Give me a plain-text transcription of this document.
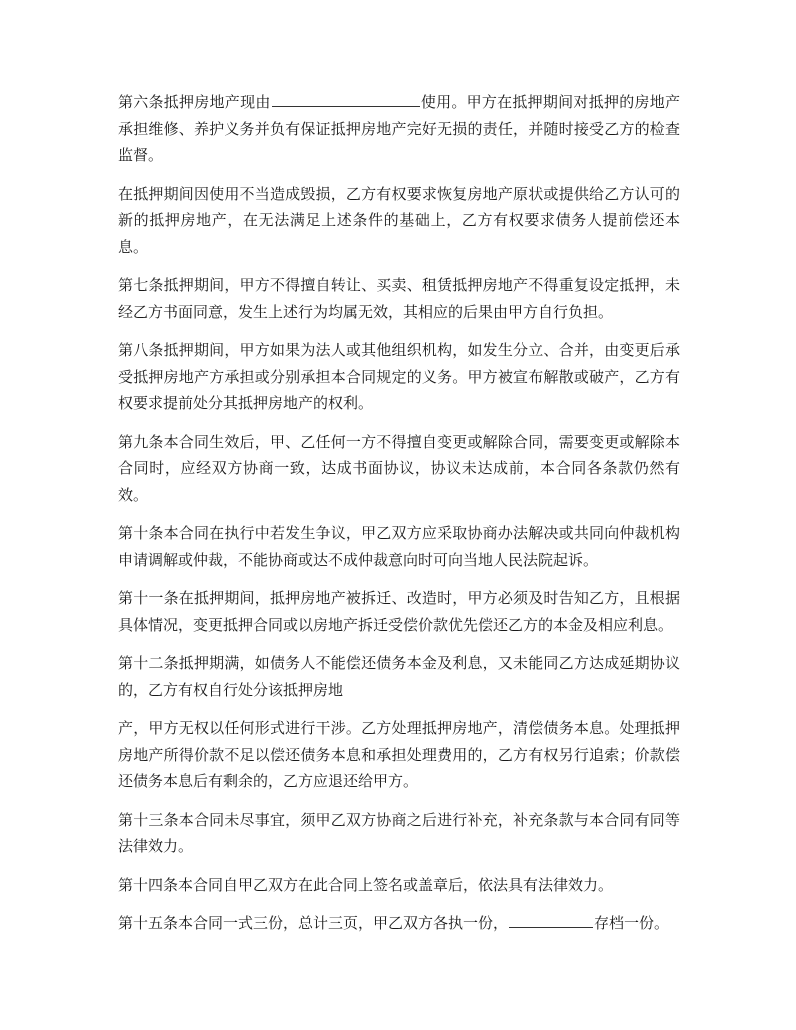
第六条抵押房地产现由	使用。甲方在抵押期间对抵押的房地产承担维修、养护义务并负有保证抵押房地产完好无损的责任，并随时接受乙方的检查监督。

在抵押期间因使用不当造成毁损，乙方有权要求恢复房地产原状或提供给乙方认可的新的抵押房地产，在无法满足上述条件的基础上，乙方有权要求债务人提前偿还本息。

第七条抵押期间，甲方不得擅自转让、买卖、租赁抵押房地产不得重复设定抵押，未经乙方书面同意，发生上述行为均属无效，其相应的后果由甲方自行负担。

第八条抵押期间，甲方如果为法人或其他组织机构，如发生分立、合并，由变更后承受抵押房地产方承担或分别承担本合同规定的义务。甲方被宣布解散或破产，乙方有权要求提前处分其抵押房地产的权利。

第九条本合同生效后，甲、乙任何一方不得擅自变更或解除合同，需要变更或解除本合同时，应经双方协商一致，达成书面协议，协议未达成前，本合同各条款仍然有效。

第十条本合同在执行中若发生争议，甲乙双方应采取协商办法解决或共同向仲裁机构申请调解或仲裁，不能协商或达不成仲裁意向时可向当地人民法院起诉。

第十一条在抵押期间，抵押房地产被拆迁、改造时，甲方必须及时告知乙方，且根据具体情况，变更抵押合同或以房地产拆迁受偿价款优先偿还乙方的本金及相应利息。

第十二条抵押期满，如债务人不能偿还债务本金及利息，又未能同乙方达成延期协议的，乙方有权自行处分该抵押房地

产，甲方无权以任何形式进行干涉。乙方处理抵押房地产，清偿债务本息。处理抵押房地产所得价款不足以偿还债务本息和承担处理费用的，乙方有权另行追索；价款偿还债务本息后有剩余的，乙方应退还给甲方。

第十三条本合同未尽事宜，须甲乙双方协商之后进行补充，补充条款与本合同有同等法律效力。

第十四条本合同自甲乙双方在此合同上签名或盖章后，依法具有法律效力。

第十五条本合同一式三份，总计三页，甲乙双方各执一份，	存档一份。
